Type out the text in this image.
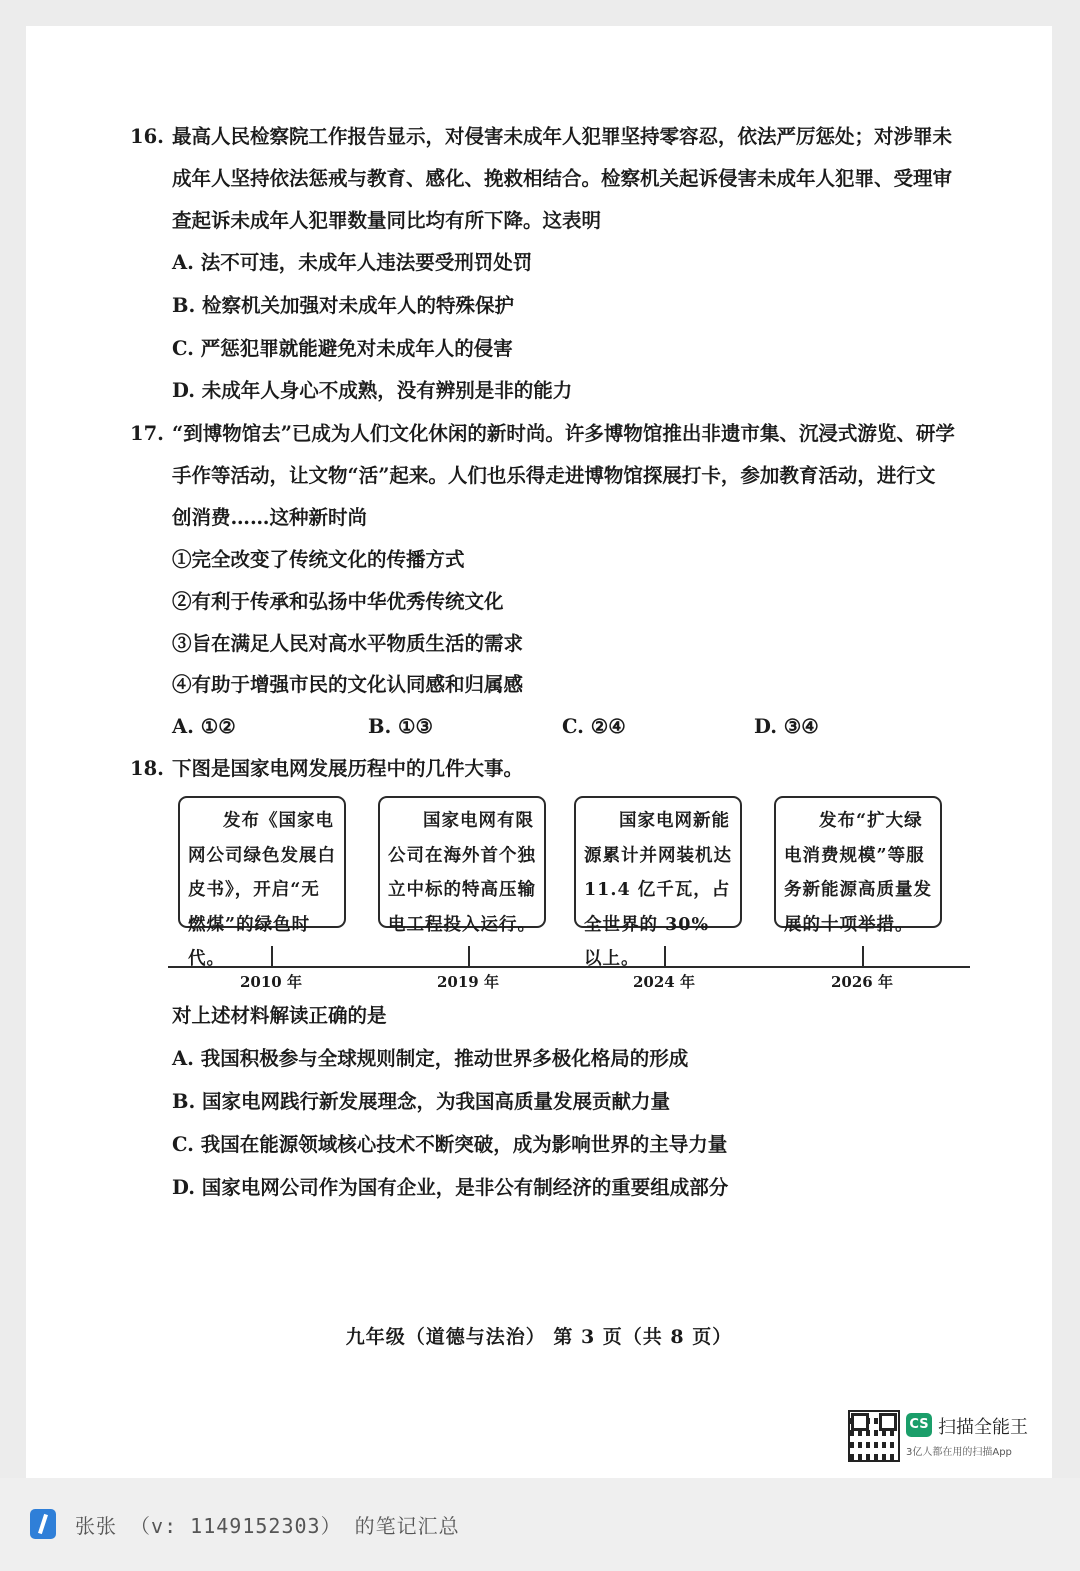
16. 最高人民检察院工作报告显示，对侵害未成年人犯罪坚持零容忍，依法严厉惩处；对涉罪未
成年人坚持依法惩戒与教育、感化、挽救相结合。检察机关起诉侵害未成年人犯罪、受理审
查起诉未成年人犯罪数量同比均有所下降。这表明
A. 法不可违，未成年人违法要受刑罚处罚
B. 检察机关加强对未成年人的特殊保护
C. 严惩犯罪就能避免对未成年人的侵害
D. 未成年人身心不成熟，没有辨别是非的能力
17. “到博物馆去”已成为人们文化休闲的新时尚。许多博物馆推出非遗市集、沉浸式游览、研学
手作等活动，让文物“活”起来。人们也乐得走进博物馆探展打卡，参加教育活动，进行文
创消费……这种新时尚
①完全改变了传统文化的传播方式
②有利于传承和弘扬中华优秀传统文化
③旨在满足人民对高水平物质生活的需求
④有助于增强市民的文化认同感和归属感
A. ①②	B. ①③	C. ②④	D. ③④
18. 下图是国家电网发展历程中的几件大事。
发布《国家电网公司绿色发展白皮书》，开启“无燃煤”的绿色时代。
国家电网有限公司在海外首个独立中标的特高压输电工程投入运行。
国家电网新能源累计并网装机达11.4 亿千瓦，占全世界的 30% 以上。
发布“扩大绿电消费规模”等服务新能源高质量发展的十项举措。
2010 年	2019 年	2024 年	2026 年
对上述材料解读正确的是
A. 我国积极参与全球规则制定，推动世界多极化格局的形成
B. 国家电网践行新发展理念，为我国高质量发展贡献力量
C. 我国在能源领域核心技术不断突破，成为影响世界的主导力量
D. 国家电网公司作为国有企业，是非公有制经济的重要组成部分
九年级（道德与法治） 第 3 页（共 8 页）
CS 扫描全能王
3亿人都在用的扫描App
张张 （v: 1149152303） 的笔记汇总
